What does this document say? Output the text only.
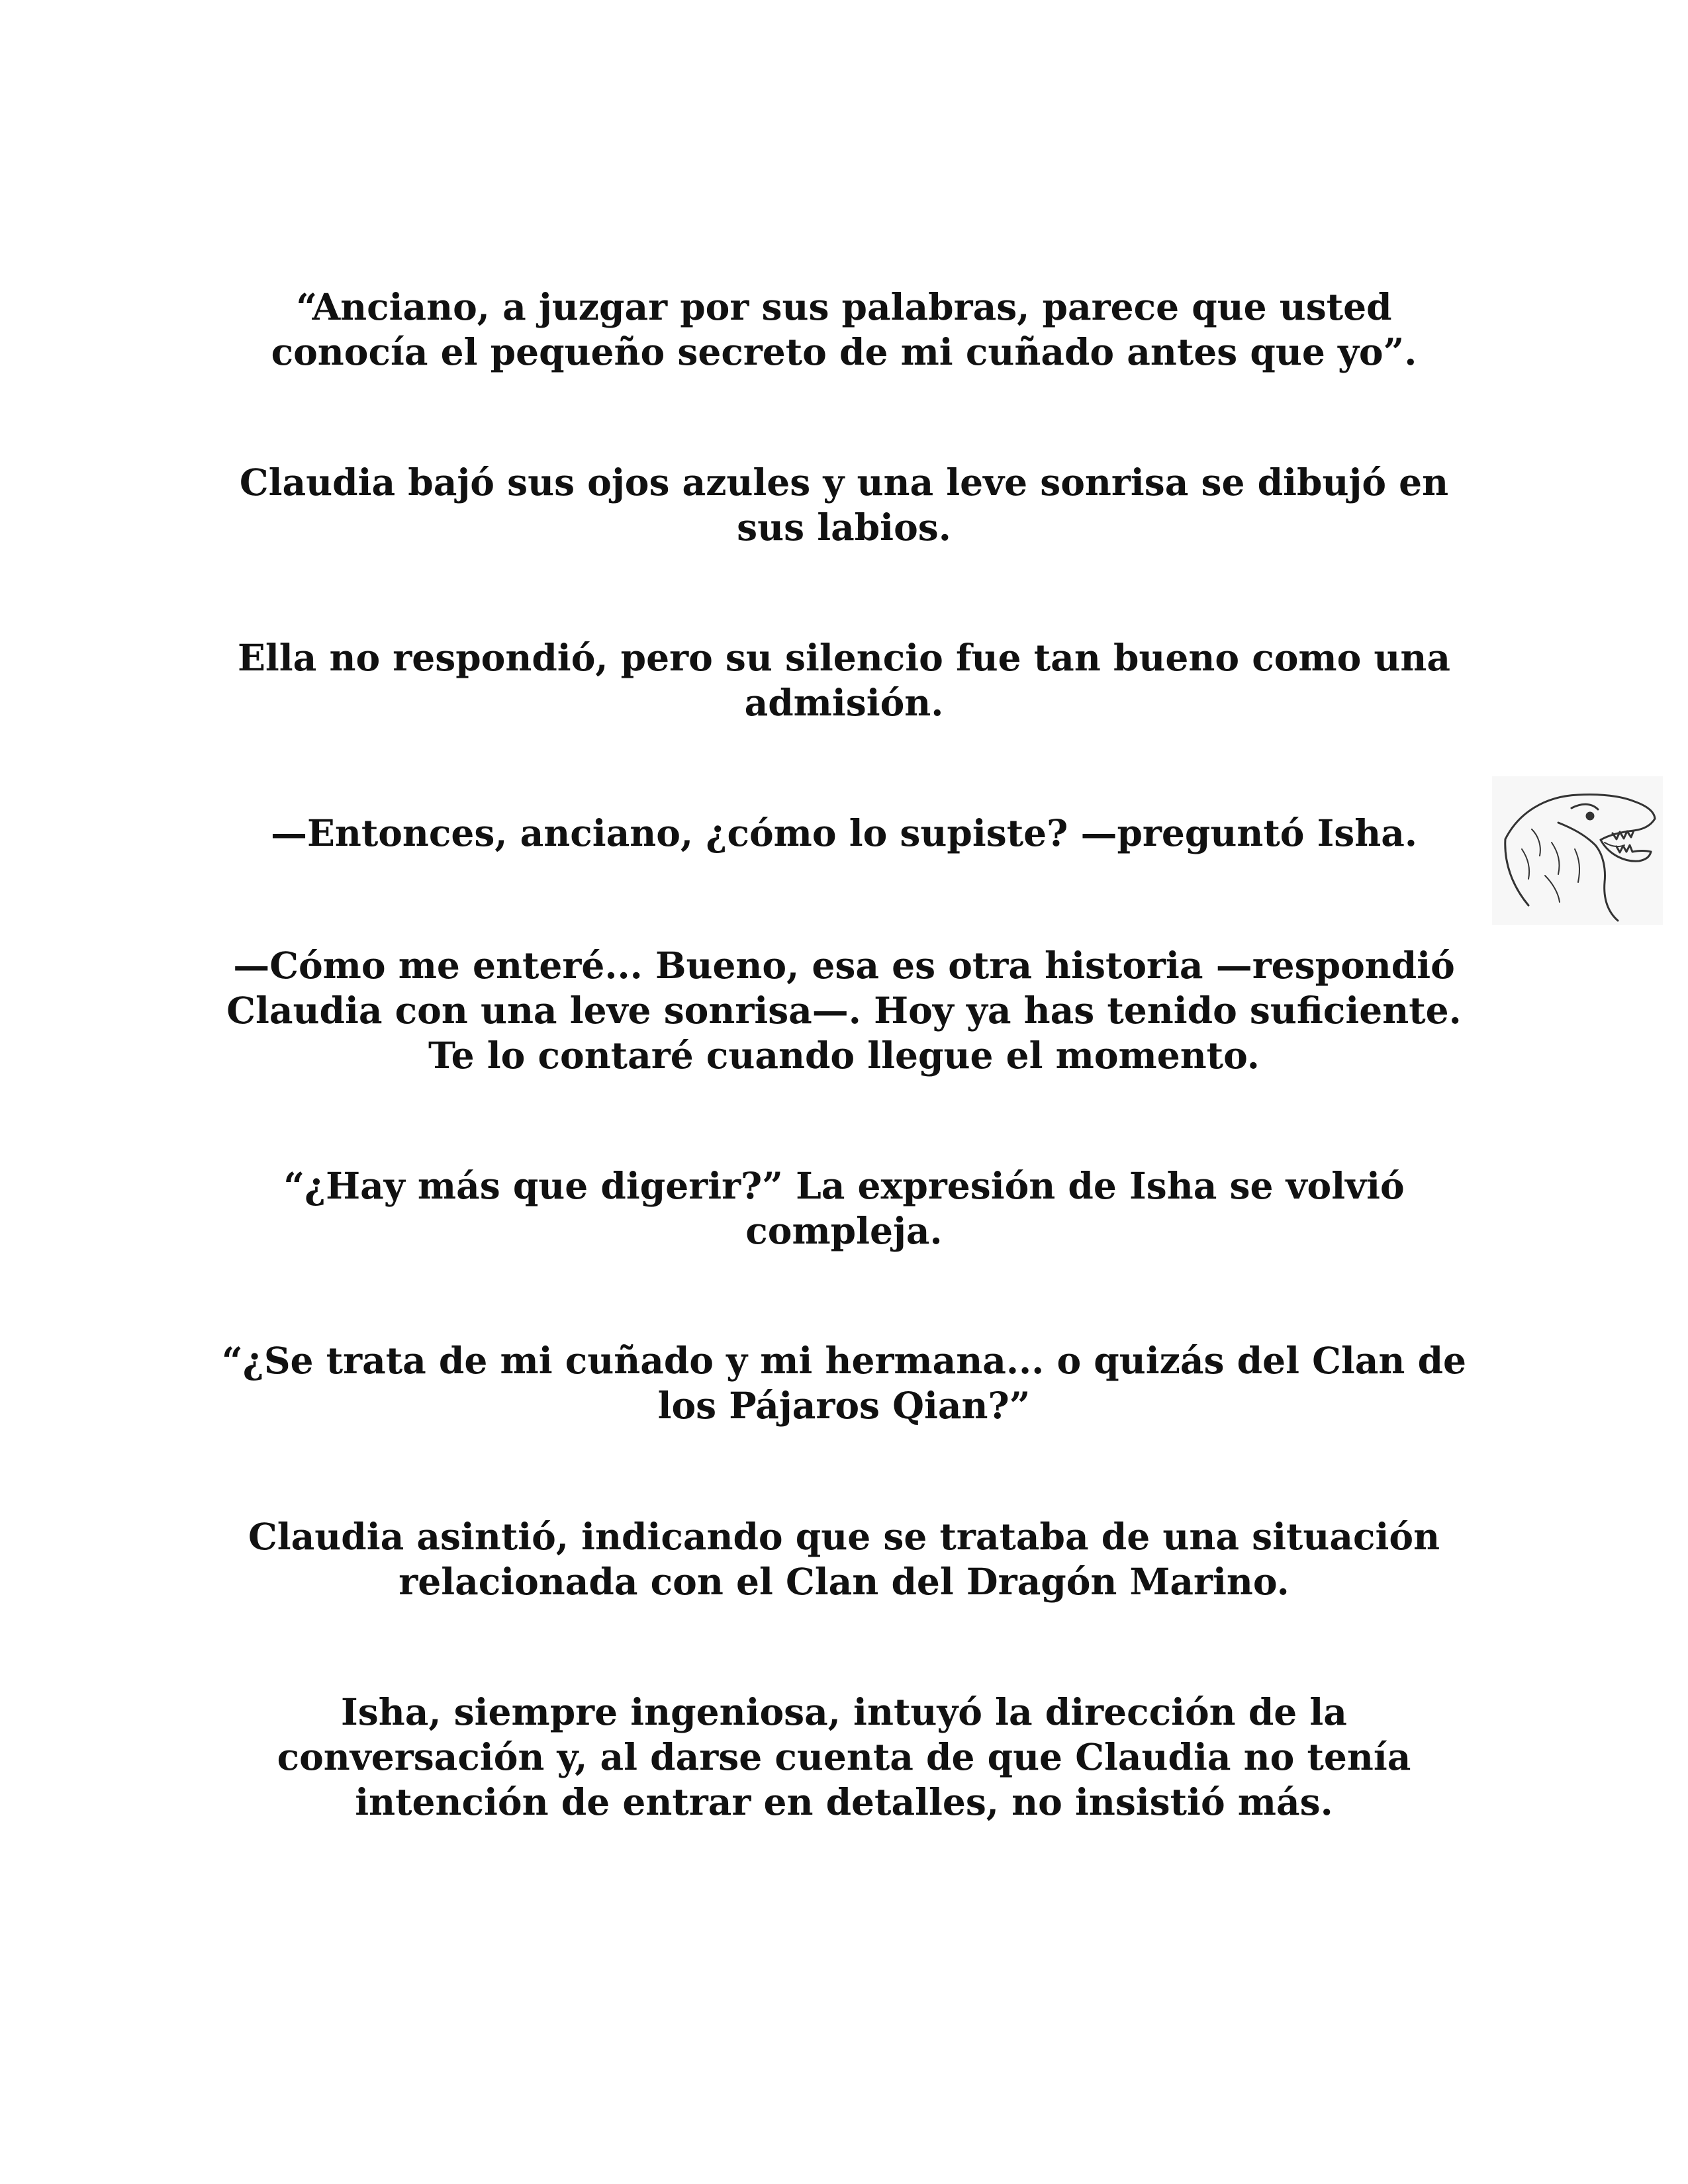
“Anciano, a juzgar por sus palabras, parece que usted
conocía el pequeño secreto de mi cuñado antes que yo”.

Claudia bajó sus ojos azules y una leve sonrisa se dibujó en
sus labios.

Ella no respondió, pero su silencio fue tan bueno como una
admisión.

—Entonces, anciano, ¿cómo lo supiste? —preguntó Isha.

—Cómo me enteré... Bueno, esa es otra historia —respondió
Claudia con una leve sonrisa—. Hoy ya has tenido suficiente.
Te lo contaré cuando llegue el momento.

“¿Hay más que digerir?” La expresión de Isha se volvió
compleja.

“¿Se trata de mi cuñado y mi hermana... o quizás del Clan de
los Pájaros Qian?”

Claudia asintió, indicando que se trataba de una situación
relacionada con el Clan del Dragón Marino.

Isha, siempre ingeniosa, intuyó la dirección de la
conversación y, al darse cuenta de que Claudia no tenía
intención de entrar en detalles, no insistió más.
